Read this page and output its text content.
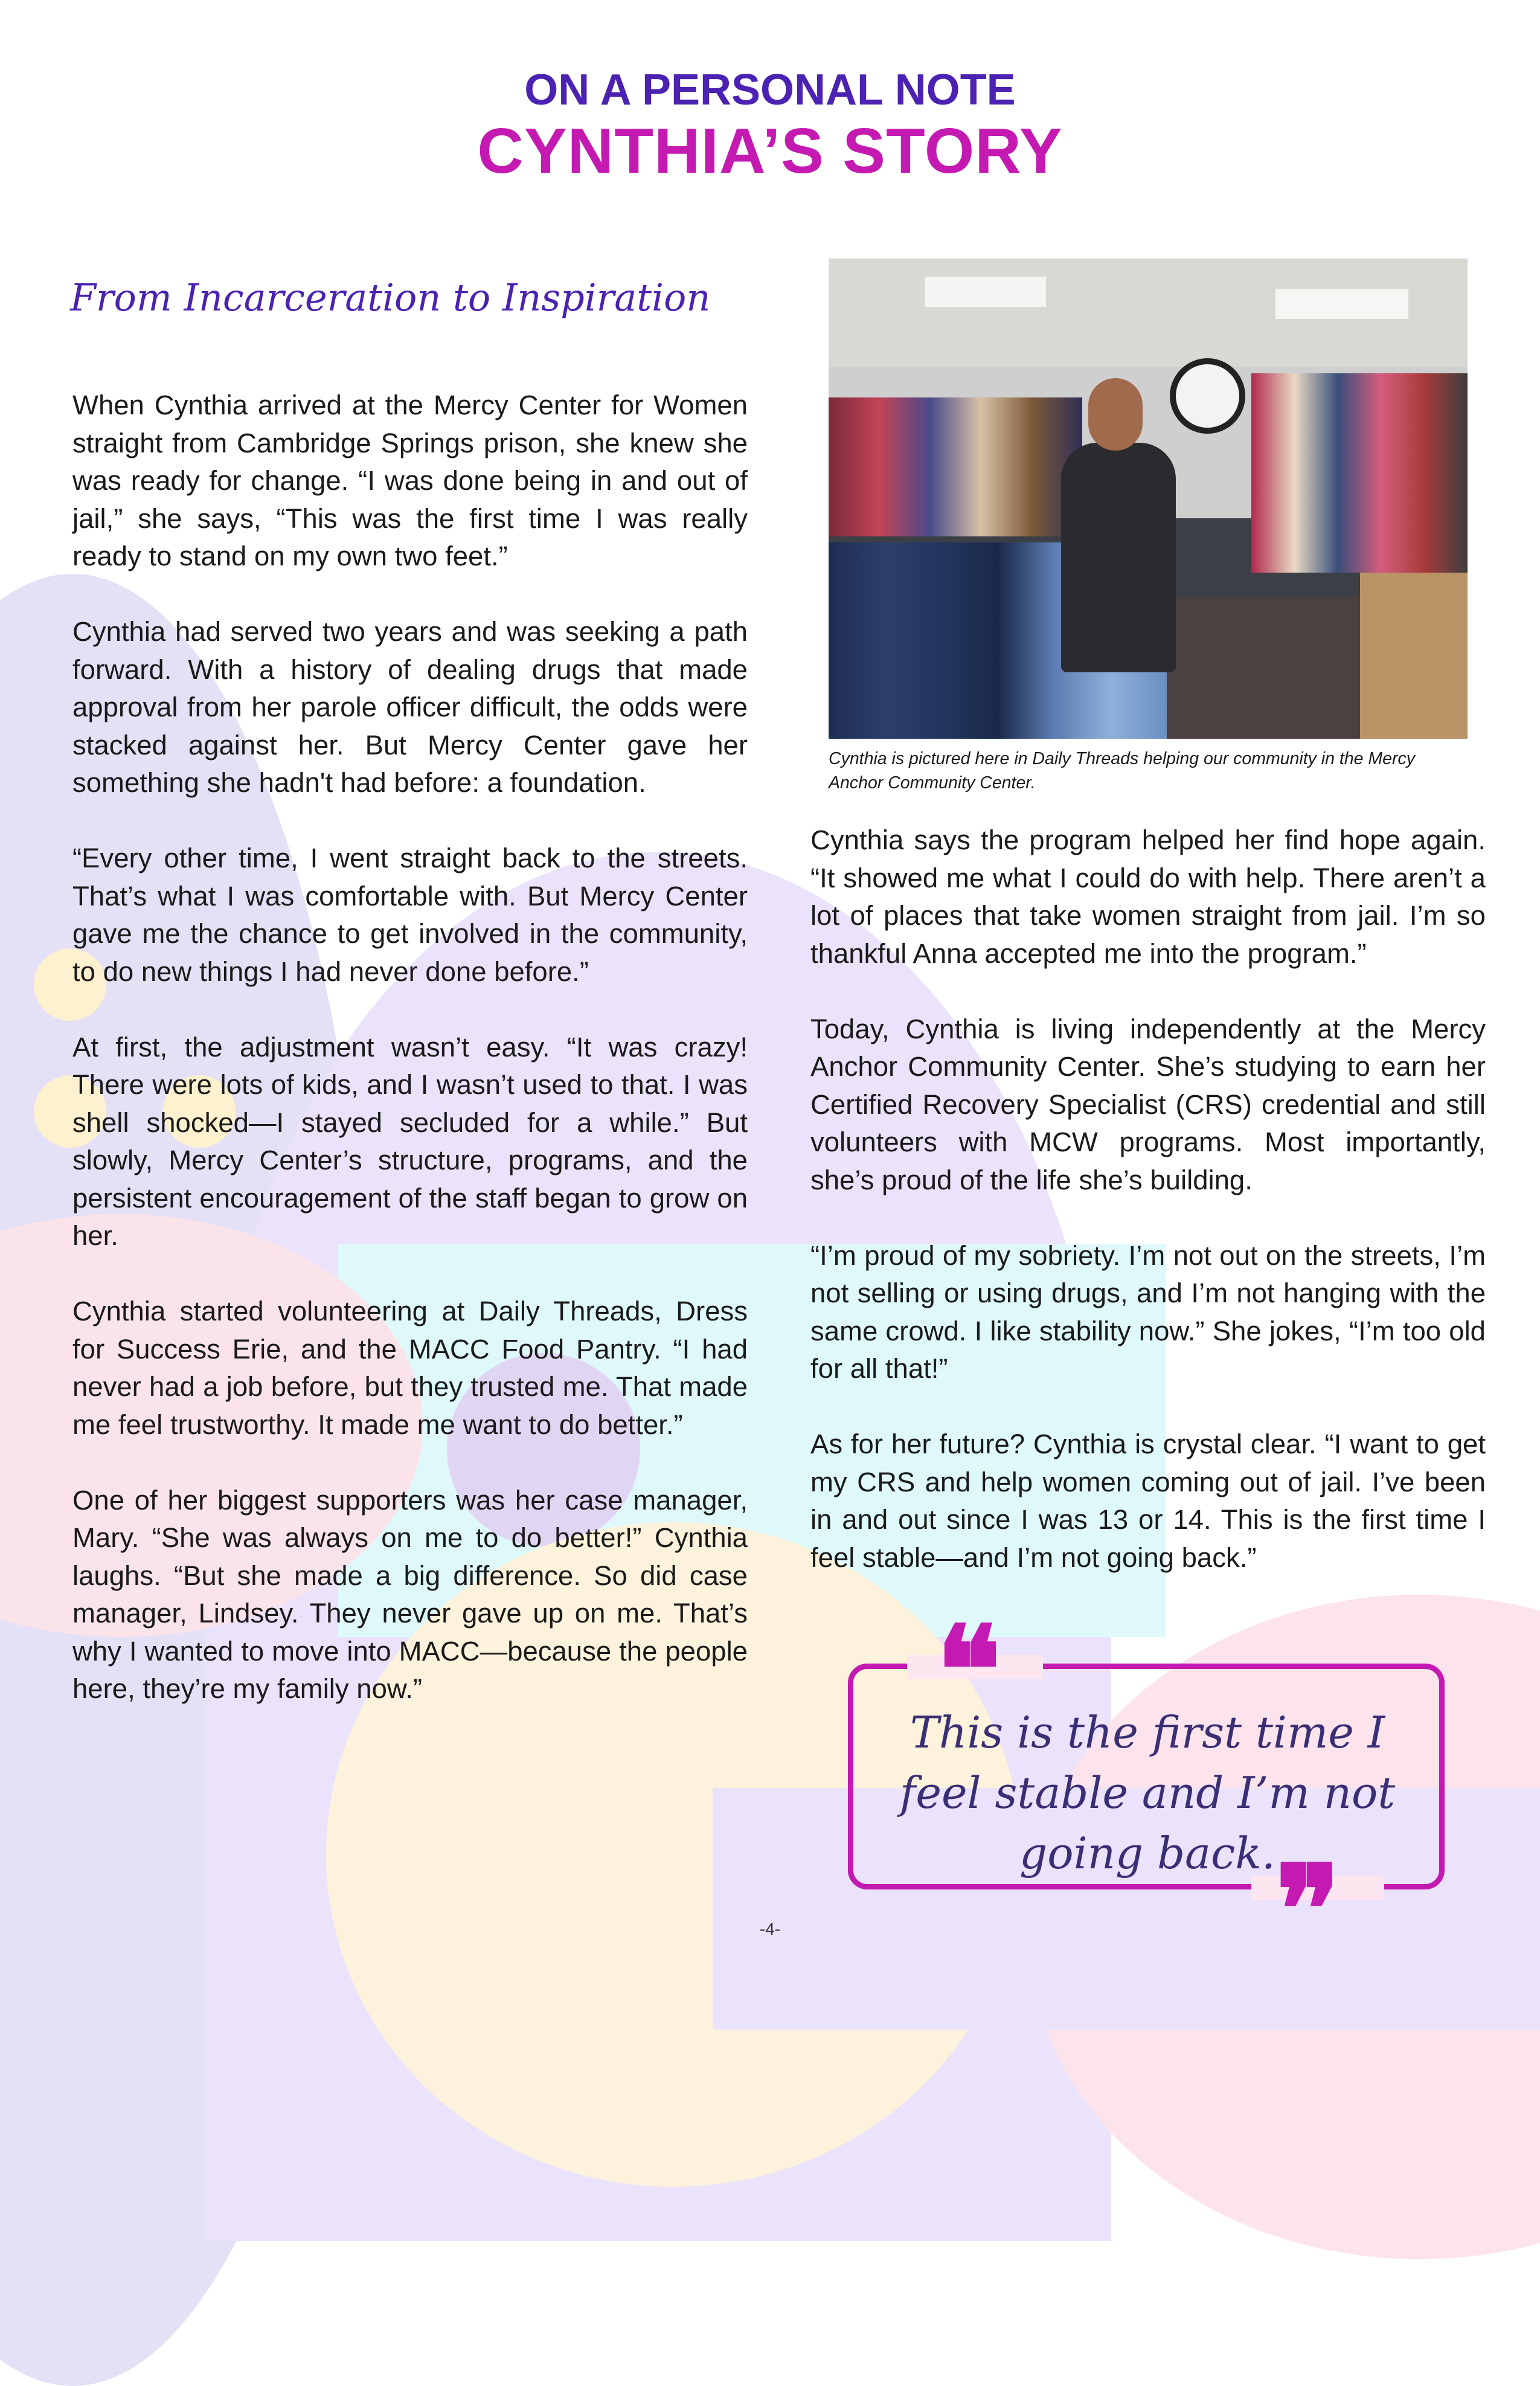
ON A PERSONAL NOTE
CYNTHIA’S STORY
From Incarceration to Inspiration

When Cynthia arrived at the Mercy Center for Women straight from Cambridge Springs prison, she knew she was ready for change. “I was done being in and out of jail,” she says, “This was the first time I was really ready to stand on my own two feet.”

Cynthia had served two years and was seeking a path forward. With a history of dealing drugs that made approval from her parole officer difficult, the odds were stacked against her. But Mercy Center gave her something she hadn't had before: a foundation.

“Every other time, I went straight back to the streets. That’s what I was comfortable with. But Mercy Center gave me the chance to get involved in the community, to do new things I had never done before.”

At first, the adjustment wasn’t easy. “It was crazy! There were lots of kids, and I wasn’t used to that. I was shell shocked—I stayed secluded for a while.” But slowly, Mercy Center’s structure, programs, and the persistent encouragement of the staff began to grow on her.

Cynthia started volunteering at Daily Threads, Dress for Success Erie, and the MACC Food Pantry. “I had never had a job before, but they trusted me. That made me feel trustworthy. It made me want to do better.”

One of her biggest supporters was her case manager, Mary. “She was always on me to do better!” Cynthia laughs. “But she made a big difference. So did case manager, Lindsey. They never gave up on me. That’s why I wanted to move into MACC—because the people here, they’re my family now.”

Cynthia is pictured here in Daily Threads helping our community in the Mercy Anchor Community Center.

Cynthia says the program helped her find hope again. “It showed me what I could do with help. There aren’t a lot of places that take women straight from jail. I’m so thankful Anna accepted me into the program.”

Today, Cynthia is living independently at the Mercy Anchor Community Center. She’s studying to earn her Certified Recovery Specialist (CRS) credential and still volunteers with MCW programs. Most importantly, she’s proud of the life she’s building.

“I’m proud of my sobriety. I’m not out on the streets, I’m not selling or using drugs, and I’m not hanging with the same crowd. I like stability now.” She jokes, “I’m too old for all that!”

As for her future? Cynthia is crystal clear. “I want to get my CRS and help women coming out of jail. I’ve been in and out since I was 13 or 14. This is the first time I feel stable—and I’m not going back.”

❝
This is the first time I feel stable and I’m not going back. ❞
-4-
